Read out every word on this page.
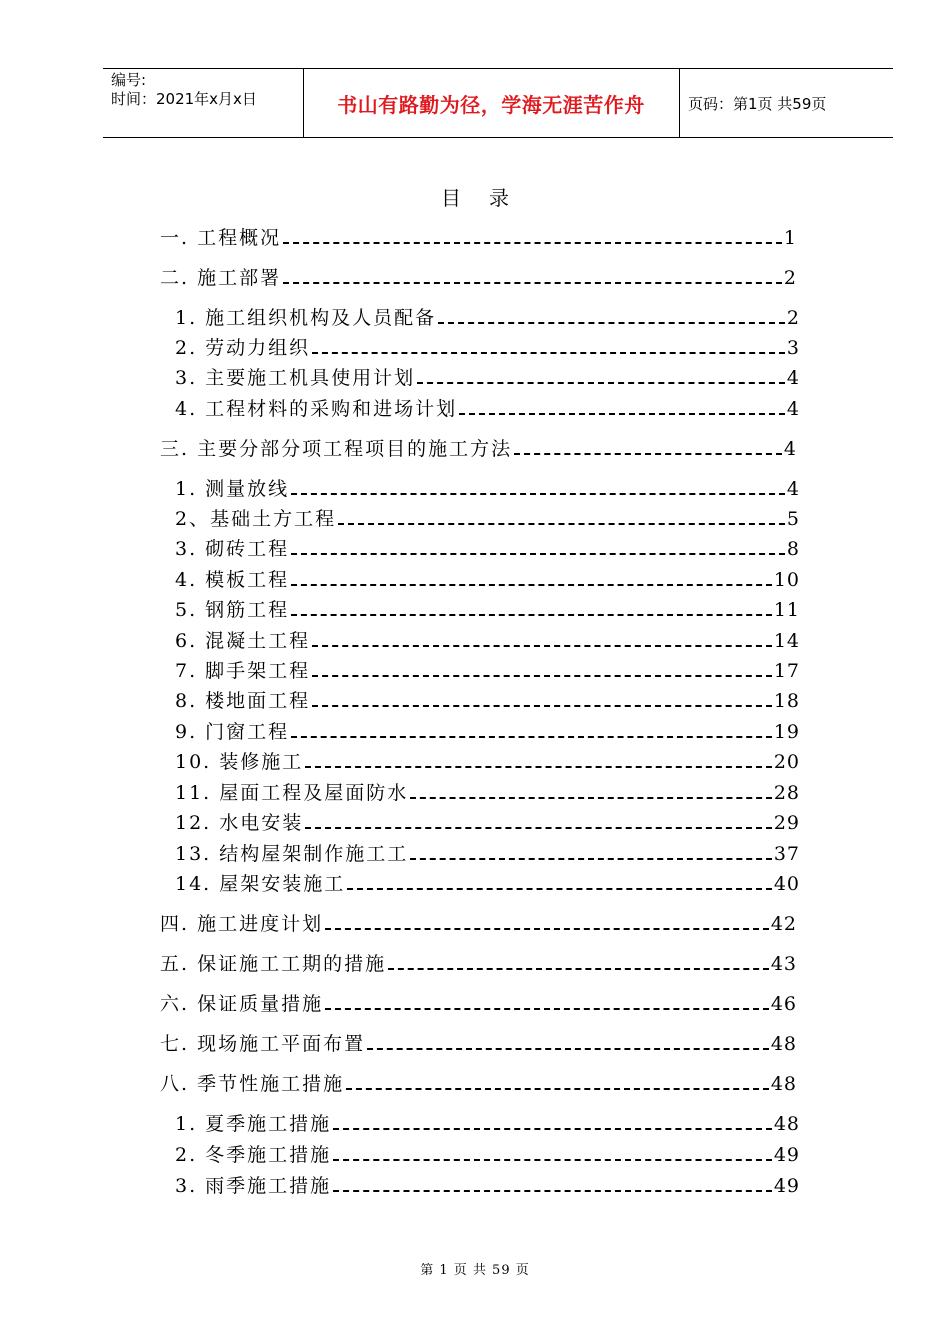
编号:
时间：2021年x月x日	书山有路勤为径，学海无涯苦作舟	页码：第1页 共59页
目录
一. 工程概况	1
二. 施工部署	2
1. 施工组织机构及人员配备	2
2. 劳动力组织	3
3. 主要施工机具使用计划	4
4. 工程材料的采购和进场计划	4
三. 主要分部分项工程项目的施工方法	4
1. 测量放线	4
2、基础土方工程	5
3. 砌砖工程	8
4. 模板工程	10
5. 钢筋工程	11
6. 混凝土工程	14
7. 脚手架工程	17
8. 楼地面工程	18
9. 门窗工程	19
10. 装修施工	20
11. 屋面工程及屋面防水	28
12. 水电安装	29
13. 结构屋架制作施工工	37
14. 屋架安装施工	40
四. 施工进度计划	42
五. 保证施工工期的措施	43
六. 保证质量措施	46
七. 现场施工平面布置	48
八. 季节性施工措施	48
1. 夏季施工措施	48
2. 冬季施工措施	49
3. 雨季施工措施	49
第 1 页 共 59 页
